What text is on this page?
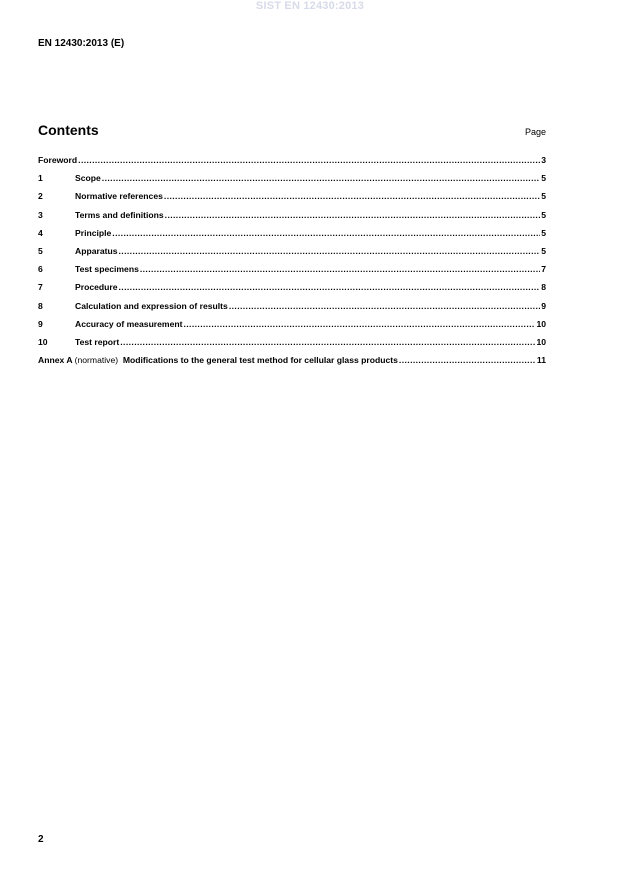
SIST EN 12430:2013
EN 12430:2013 (E)
Contents	Page
Foreword .....	3
1	Scope .....	5
2	Normative references .....	5
3	Terms and definitions .....	5
4	Principle .....	5
5	Apparatus .....	5
6	Test specimens .....	7
7	Procedure .....	8
8	Calculation and expression of results .....	9
9	Accuracy of measurement .....	10
10	Test report .....	10
Annex A (normative) Modifications to the general test method for cellular glass products .....	11
2
